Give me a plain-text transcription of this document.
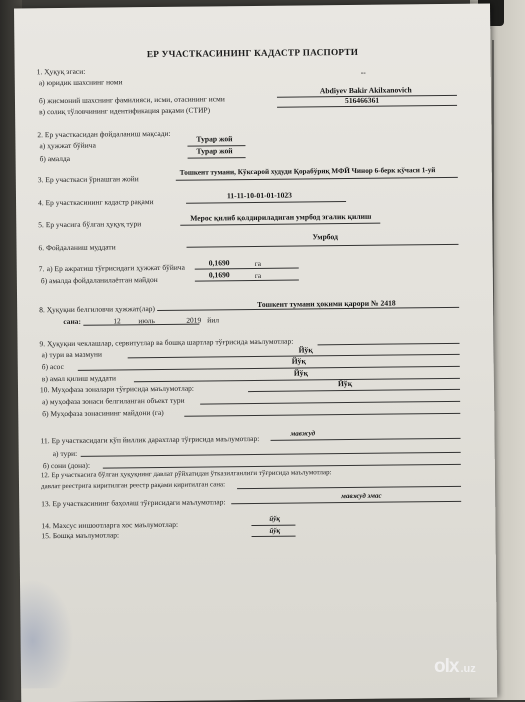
ЕР УЧАСТКАСИНИНГ КАДАСТР ПАСПОРТИ
1. Ҳуқуқ эгаси:
а) юридик шахснинг номи
--
Abdiyev Bakir Akilxanovich
б) жисмоний шахснинг фамилияси, исми, отасининг исми	516466361
в) солиқ тўловчининг идентификация рақами (СТИР)
2. Ер участкасидан фойдаланиш мақсади:
а) ҳужжат бўйича
Турар жой
б) амалда
Турар жой
3. Ер участкаси ўрнашган жойи
Тошкент тумани, Кўксарой худуди Қорабўриқ МФЙ Чинор 6-берк кўчаси 1-уй
4. Ер участкасининг кадастр рақами
11-11-10-01-01-1023
5. Ер учасига бўлган ҳуқуқ тури
Мерос қилиб қолдириладиган умрбод эгалик қилиш
6. Фойдаланиш муддати
Умрбод
7. а) Ер ажратиш тўғрисидаги ҳужжат бўйича	0,1690	га
б) амалда фойдаланилаётган майдон
0,1690	га
8. Ҳуқуқни белгиловчи ҳужжат(лар)
Тошкент тумани ҳокими қарори № 2418
сана:	12 июль	2019 йил
9. Ҳуқуқни чеклашлар, сервитутлар ва бошқа шартлар тўғрисида маълумотлар:
а) тури ва мазмуни	Йўқ
б) асос
Йўқ
в) амал қилиш муддати
Йўқ
10. Муҳофаза зоналари тўғрисида маълумотлар:
Йўқ
а) муҳофаза зонаси белгиланган объект тури
б) Муҳофаза зонасининг майдони (га)
11. Ер участкасидаги кўп йиллик дарахтлар тўғрисида маълумотлар:
мавжуд
а) тури:
б) сони (дона):
12. Ер участкасига бўлган ҳуқуқнинг давлат рўйхатидан ўтказилганлиги тўғрисида маълумотлар:
давлат реестрига киритилган реестр рақами киритилган сана:
13. Ер участкасининг баҳолаш тўғрисидаги маълумотлар:
мавжуд эмас
14. Махсус иншоотларга хос маълумотлар:
йўқ
15. Бошқа маълумотлар:	йўқ
olx .uz
